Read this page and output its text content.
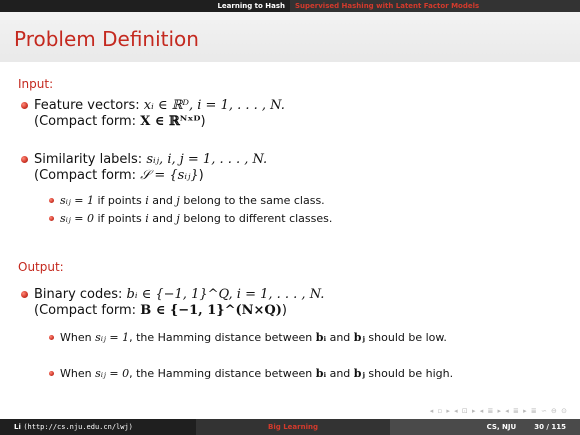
Learning to Hash	Supervised Hashing with Latent Factor Models
Problem Definition
Input:
Feature vectors: xᵢ ∈ ℝᴰ, i = 1, . . . , N.
(Compact form: X ∈ ℝᴺˣᴰ)
Similarity labels: sᵢⱼ, i, j = 1, . . . , N.
(Compact form: 𝒮 = {sᵢⱼ})
sᵢⱼ = 1 if points i and j belong to the same class.
sᵢⱼ = 0 if points i and j belong to different classes.
Output:
Binary codes: bᵢ ∈ {−1, 1}^Q, i = 1, . . . , N.
(Compact form: B ∈ {−1, 1}^(N×Q))
When sᵢⱼ = 1, the Hamming distance between bᵢ and bⱼ should be low.
When sᵢⱼ = 0, the Hamming distance between bᵢ and bⱼ should be high.
◂ ▫ ▸ ◂ ⊡ ▸ ◂ ≣ ▸ ◂ ≣ ▸ ≣ ∽ ⊖ ⊙
Li (http://cs.nju.edu.cn/lwj)	Big Learning	CS, NJU	30 / 115
